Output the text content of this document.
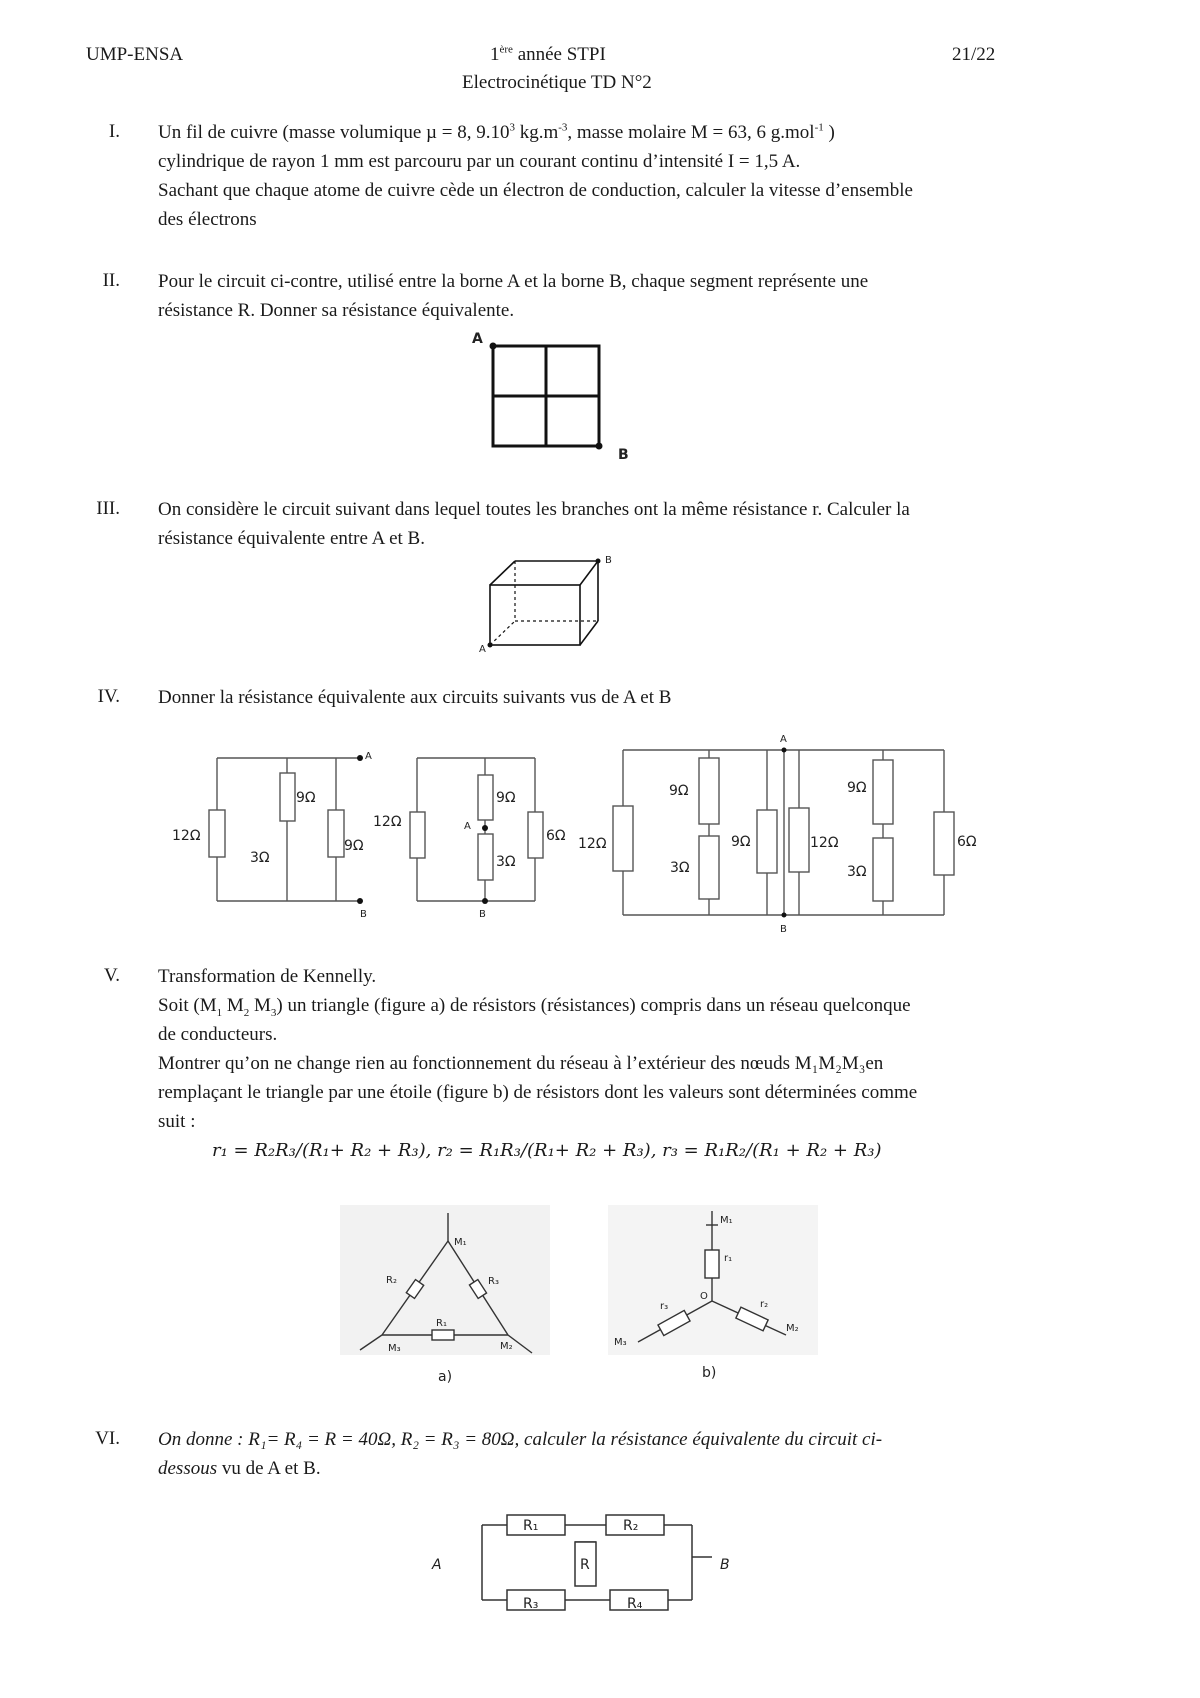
UMP-ENSA	1ère année STPI
Electrocinétique TD N°2
21/22
I. Un fil de cuivre (masse volumique µ = 8, 9.10$^3$ $kg.m^{-3}$, masse molaire M = 63, 6 g.mol$^{-1}$ )
cylindrique de rayon 1 mm est parcouru par un courant continu d’intensité I = 1,5 A.
Sachant que chaque atome de cuivre cède un électron de conduction, calculer la vitesse d’ensemble
des électrons
II. Pour le circuit ci-contre, utilisé entre la borne A et la borne B, chaque segment représente une
résistance R. Donner sa résistance équivalente.
A
B
III. On considère le circuit suivant dans lequel toutes les branches ont la même résistance r. Calculer la
résistance équivalente entre A et B.
A
B
IV. Donner la résistance équivalente aux circuits suivants vus de A et B
12Ω
9Ω
3Ω
9Ω
A
B
12Ω
9Ω
3Ω
6Ω
A
B
12Ω
9Ω
3Ω
9Ω	12Ω
9Ω
3Ω
6Ω
A
B
V. Transformation de Kennelly.
Soit ($M_1$ $M_2$ $M_3$) un triangle (figure a) de résistors (résistances) compris dans un réseau quelconque
de conducteurs.
Montrer qu’on ne change rien au fonctionnement du réseau à l’extérieur des nœuds M₁M₂M₃en
remplaçant le triangle par une étoile (figure b) de résistors dont les valeurs sont déterminées comme
suit :
r₁ = R₂R₃/(R₁+ R₂ + R₃), r₂ = R₁R₃/(R₁+ R₂ + R₃), r₃ = R₁R₂/(R₁ + R₂ + R₃)
M₁
M₂
M₃
R₁
R₂	R₃
a)
M₁
M₂
M₃
r₁
r₂
r₃
O
b)
VI. On donne : R₁= R₄ = R = 40Ω, R₂ = R₃ = 80Ω, calculer la résistance équivalente du circuit ci-
dessous vu de A et B.
R₁	R₂
R₃	R₄
R
A	B
